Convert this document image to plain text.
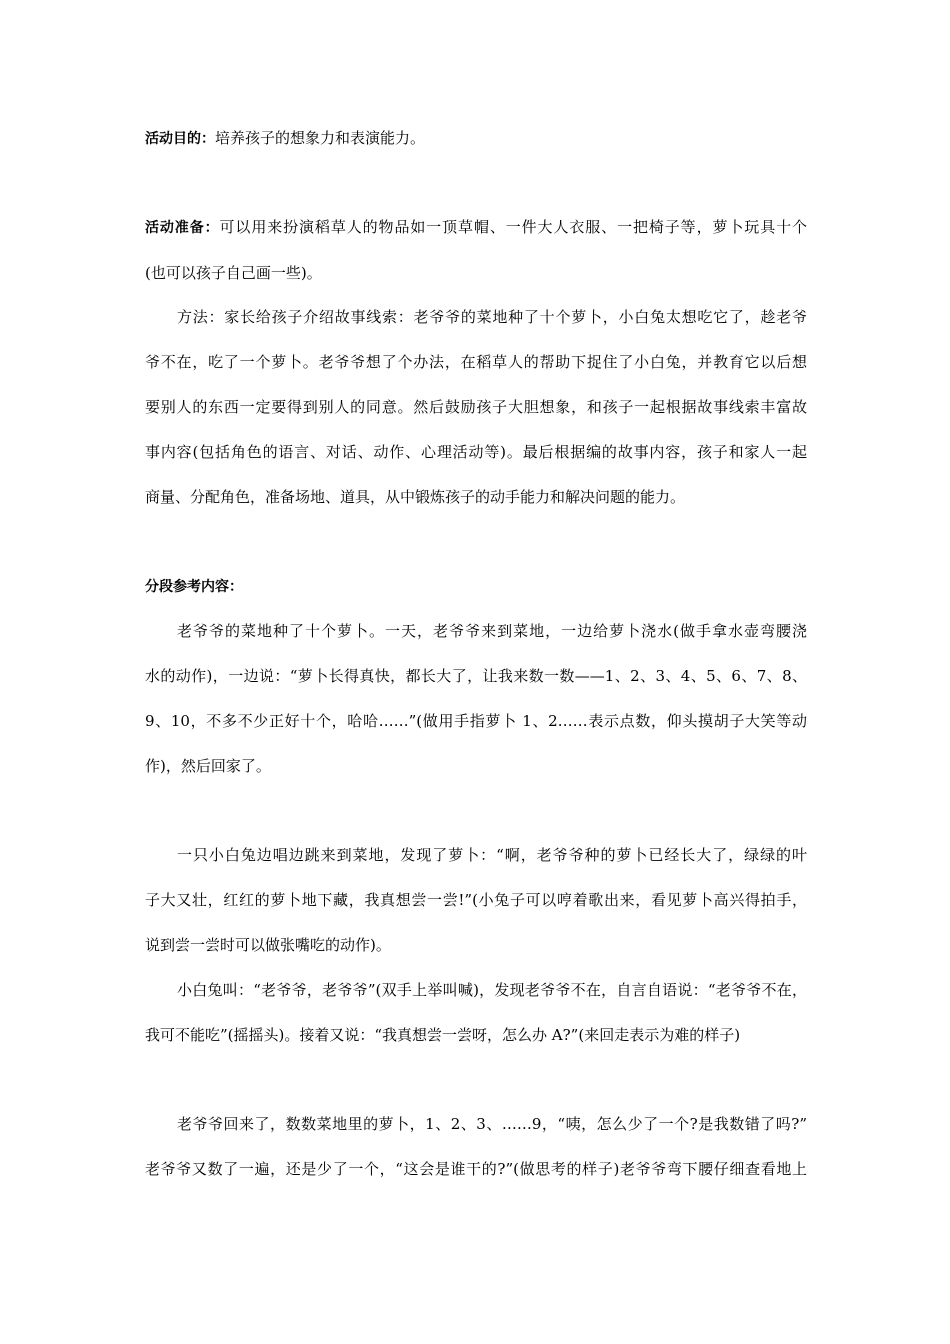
活动目的：培养孩子的想象力和表演能力。
活动准备：可以用来扮演稻草人的物品如一顶草帽、一件大人衣服、一把椅子等，萝卜玩具十个
(也可以孩子自己画一些)。
方法：家长给孩子介绍故事线索：老爷爷的菜地种了十个萝卜，小白兔太想吃它了，趁老爷
爷不在，吃了一个萝卜。老爷爷想了个办法，在稻草人的帮助下捉住了小白兔，并教育它以后想
要别人的东西一定要得到别人的同意。然后鼓励孩子大胆想象，和孩子一起根据故事线索丰富故
事内容(包括角色的语言、对话、动作、心理活动等)。最后根据编的故事内容，孩子和家人一起
商量、分配角色，准备场地、道具，从中锻炼孩子的动手能力和解决问题的能力。
分段参考内容：
老爷爷的菜地种了十个萝卜。一天，老爷爷来到菜地，一边给萝卜浇水(做手拿水壶弯腰浇
水的动作)，一边说：“萝卜长得真快，都长大了，让我来数一数——1、2、3、4、5、6、7、8、
9、10，不多不少正好十个，哈哈……”(做用手指萝卜 1、2……表示点数，仰头摸胡子大笑等动
作)，然后回家了。
一只小白兔边唱边跳来到菜地，发现了萝卜：“啊，老爷爷种的萝卜已经长大了，绿绿的叶
子大又壮，红红的萝卜地下藏，我真想尝一尝!”(小兔子可以哼着歌出来，看见萝卜高兴得拍手，
说到尝一尝时可以做张嘴吃的动作)。
小白兔叫：“老爷爷，老爷爷”(双手上举叫喊)，发现老爷爷不在，自言自语说：“老爷爷不在，
我可不能吃”(摇摇头)。接着又说：“我真想尝一尝呀，怎么办 A?”(来回走表示为难的样子)
老爷爷回来了，数数菜地里的萝卜，1、2、3、……9，“咦，怎么少了一个?是我数错了吗?”
老爷爷又数了一遍，还是少了一个，“这会是谁干的?”(做思考的样子)老爷爷弯下腰仔细查看地上
